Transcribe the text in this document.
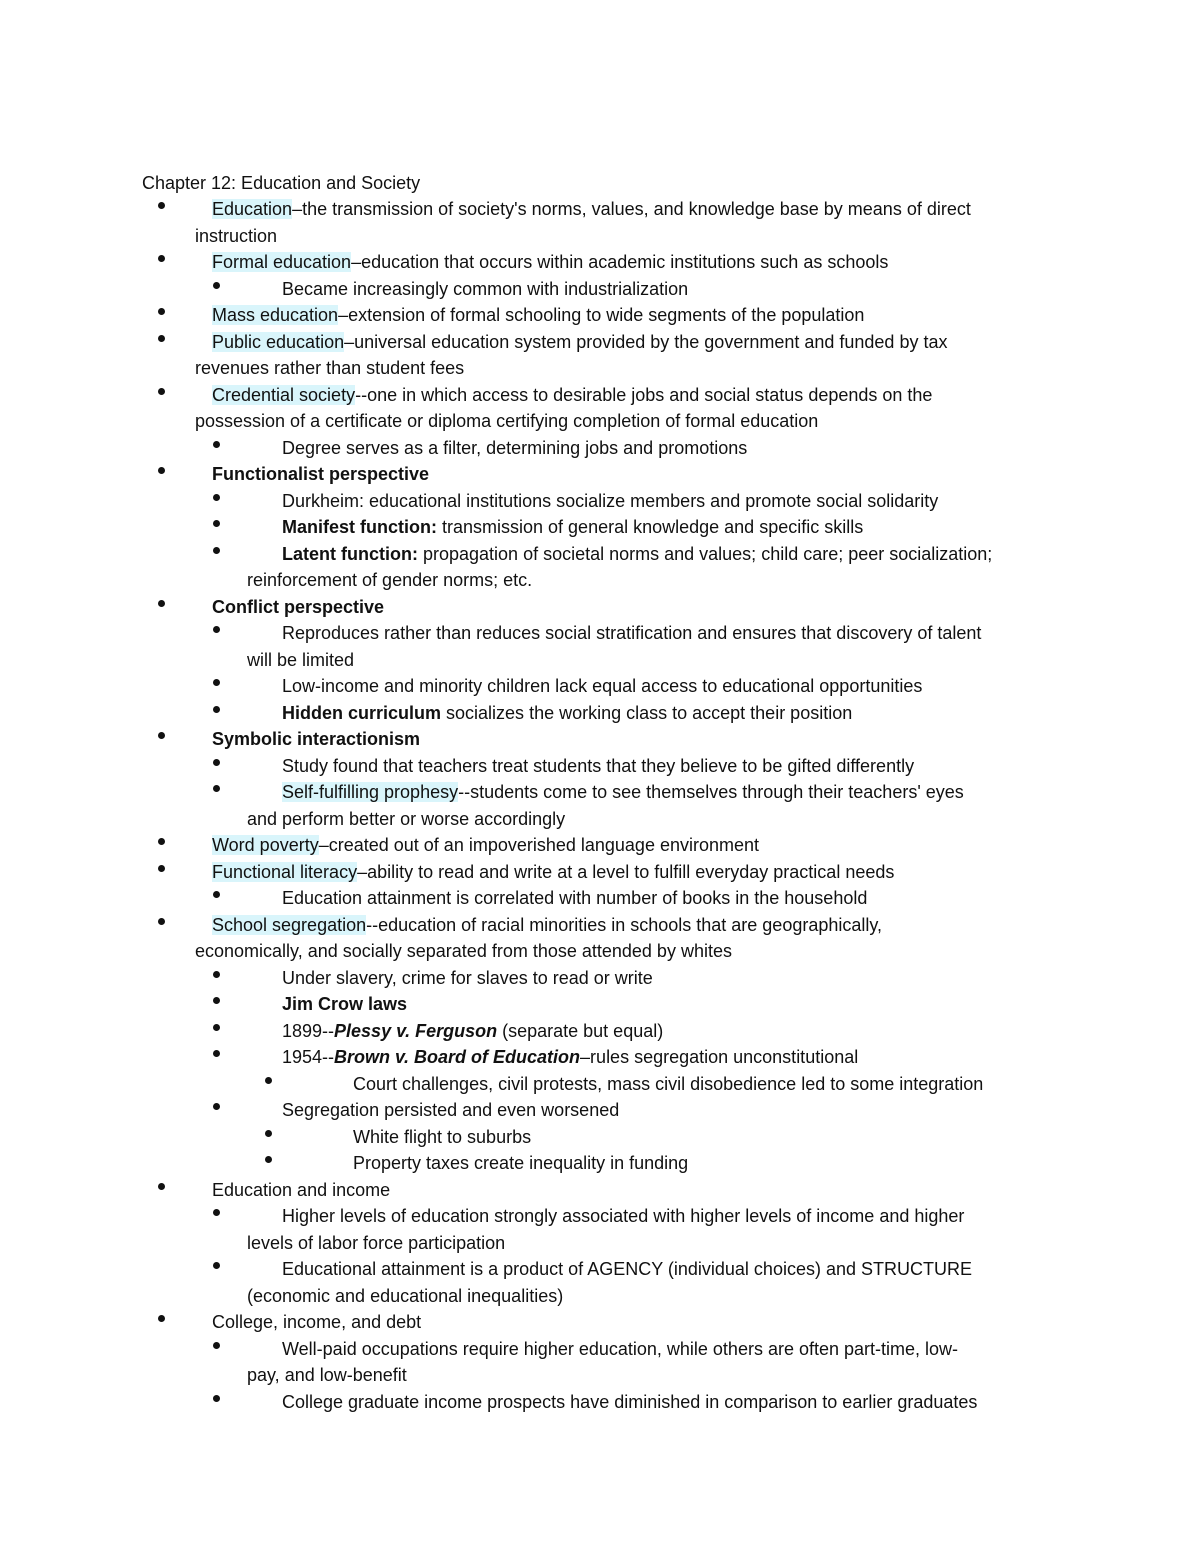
Chapter 12: Education and Society
Education–the transmission of society's norms, values, and knowledge base by means of direct
instruction
Formal education–education that occurs within academic institutions such as schools
Became increasingly common with industrialization
Mass education–extension of formal schooling to wide segments of the population
Public education–universal education system provided by the government and funded by tax
revenues rather than student fees
Credential society--one in which access to desirable jobs and social status depends on the
possession of a certificate or diploma certifying completion of formal education
Degree serves as a filter, determining jobs and promotions
Functionalist perspective
Durkheim: educational institutions socialize members and promote social solidarity
Manifest function: transmission of general knowledge and specific skills
Latent function: propagation of societal norms and values; child care; peer socialization;
reinforcement of gender norms; etc.
Conflict perspective
Reproduces rather than reduces social stratification and ensures that discovery of talent
will be limited
Low-income and minority children lack equal access to educational opportunities
Hidden curriculum socializes the working class to accept their position
Symbolic interactionism
Study found that teachers treat students that they believe to be gifted differently
Self-fulfilling prophesy--students come to see themselves through their teachers' eyes
and perform better or worse accordingly
Word poverty–created out of an impoverished language environment
Functional literacy–ability to read and write at a level to fulfill everyday practical needs
Education attainment is correlated with number of books in the household
School segregation--education of racial minorities in schools that are geographically,
economically, and socially separated from those attended by whites
Under slavery, crime for slaves to read or write
Jim Crow laws
1899--Plessy v. Ferguson (separate but equal)
1954--Brown v. Board of Education–rules segregation unconstitutional
Court challenges, civil protests, mass civil disobedience led to some integration
Segregation persisted and even worsened
White flight to suburbs
Property taxes create inequality in funding
Education and income
Higher levels of education strongly associated with higher levels of income and higher
levels of labor force participation
Educational attainment is a product of AGENCY (individual choices) and STRUCTURE
(economic and educational inequalities)
College, income, and debt
Well-paid occupations require higher education, while others are often part-time, low-
pay, and low-benefit
College graduate income prospects have diminished in comparison to earlier graduates
